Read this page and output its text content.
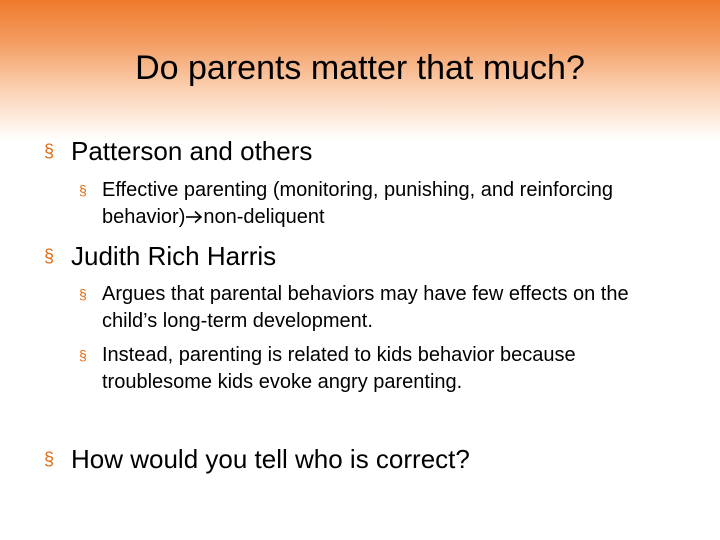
Do parents matter that much?
§ Patterson and others
§ Effective parenting (monitoring, punishing, and reinforcing behavior) non-deliquent
§ Judith Rich Harris
§ Argues that parental behaviors may have few effects on the child’s long-term development.
§ Instead, parenting is related to kids behavior because troublesome kids evoke angry parenting.
§ How would you tell who is correct?
